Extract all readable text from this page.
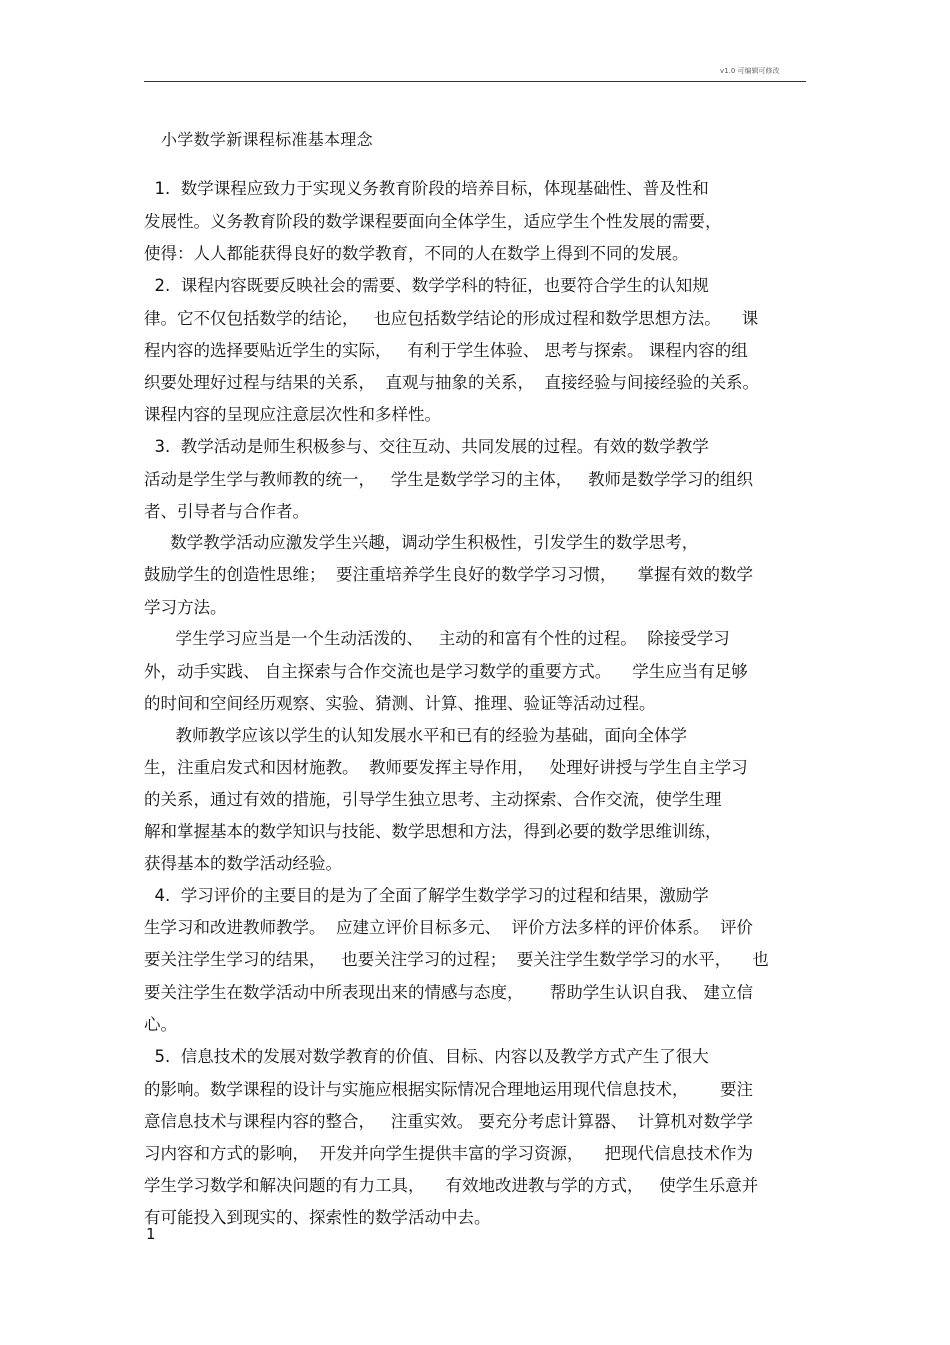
v1.0 可编辑可修改
小学数学新课程标准基本理念
1.  数学课程应致力于实现义务教育阶段的培养目标，体现基础性、普及性和
发展性。义务教育阶段的数学课程要面向全体学生，适应学生个性发展的需要，
使得：人人都能获得良好的数学教育，不同的人在数学上得到不同的发展。
2.  课程内容既要反映社会的需要、数学学科的特征，也要符合学生的认知规
律。它不仅包括数学的结论，   也应包括数学结论的形成过程和数学思想方法。    课
程内容的选择要贴近学生的实际，   有利于学生体验、 思考与探索。 课程内容的组
织要处理好过程与结果的关系，  直观与抽象的关系，  直接经验与间接经验的关系。
课程内容的呈现应注意层次性和多样性。
3.  教学活动是师生积极参与、交往互动、共同发展的过程。有效的数学教学
活动是学生学与教师教的统一，   学生是数学学习的主体，   教师是数学学习的组织
者、引导者与合作者。
数学教学活动应激发学生兴趣，调动学生积极性，引发学生的数学思考，
鼓励学生的创造性思维；  要注重培养学生良好的数学学习习惯，    掌握有效的数学
学习方法。
学生学习应当是一个生动活泼的、   主动的和富有个性的过程。  除接受学习
外，动手实践、 自主探索与合作交流也是学习数学的重要方式。    学生应当有足够
的时间和空间经历观察、实验、猜测、计算、推理、验证等活动过程。
教师教学应该以学生的认知发展水平和已有的经验为基础，面向全体学
生，注重启发式和因材施教。  教师要发挥主导作用，   处理好讲授与学生自主学习
的关系，通过有效的措施，引导学生独立思考、主动探索、合作交流，使学生理
解和掌握基本的数学知识与技能、数学思想和方法，得到必要的数学思维训练，
获得基本的数学活动经验。
4.  学习评价的主要目的是为了全面了解学生数学学习的过程和结果，激励学
生学习和改进教师教学。  应建立评价目标多元、  评价方法多样的评价体系。  评价
要关注学生学习的结果，   也要关注学习的过程；  要关注学生数学学习的水平，    也
要关注学生在数学活动中所表现出来的情感与态度，     帮助学生认识自我、 建立信
心。
5.  信息技术的发展对数学教育的价值、目标、内容以及教学方式产生了很大
的影响。数学课程的设计与实施应根据实际情况合理地运用现代信息技术，      要注
意信息技术与课程内容的整合，   注重实效。 要充分考虑计算器、  计算机对数学学
习内容和方式的影响，  开发并向学生提供丰富的学习资源，    把现代信息技术作为
学生学习数学和解决问题的有力工具，    有效地改进教与学的方式，   使学生乐意并
有可能投入到现实的、探索性的数学活动中去。
1
